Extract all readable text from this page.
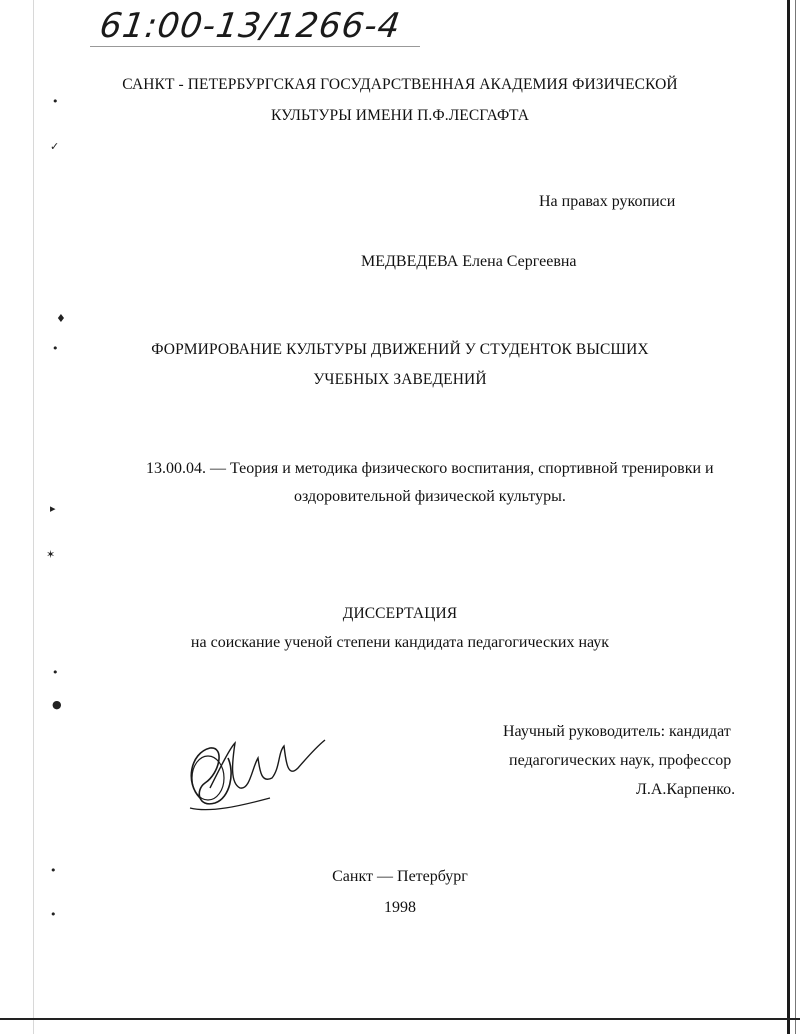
•
✓
♦
•
▸
✶
•
●
•
•
61:00-13/1266-4
САНКТ - ПЕТЕРБУРГСКАЯ ГОСУДАРСТВЕННАЯ АКАДЕМИЯ ФИЗИЧЕСКОЙ
КУЛЬТУРЫ ИМЕНИ П.Ф.ЛЕСГАФТА
На правах рукописи
МЕДВЕДЕВА Елена Сергеевна
ФОРМИРОВАНИЕ КУЛЬТУРЫ ДВИЖЕНИЙ У СТУДЕНТОК ВЫСШИХ
УЧЕБНЫХ ЗАВЕДЕНИЙ
13.00.04. — Теория и методика физического воспитания, спортивной тренировки и
оздоровительной физической культуры.
ДИССЕРТАЦИЯ
на соискание ученой степени кандидата педагогических наук
Научный руководитель: кандидат
педагогических наук, профессор
Л.А.Карпенко.
Санкт — Петербург
1998
